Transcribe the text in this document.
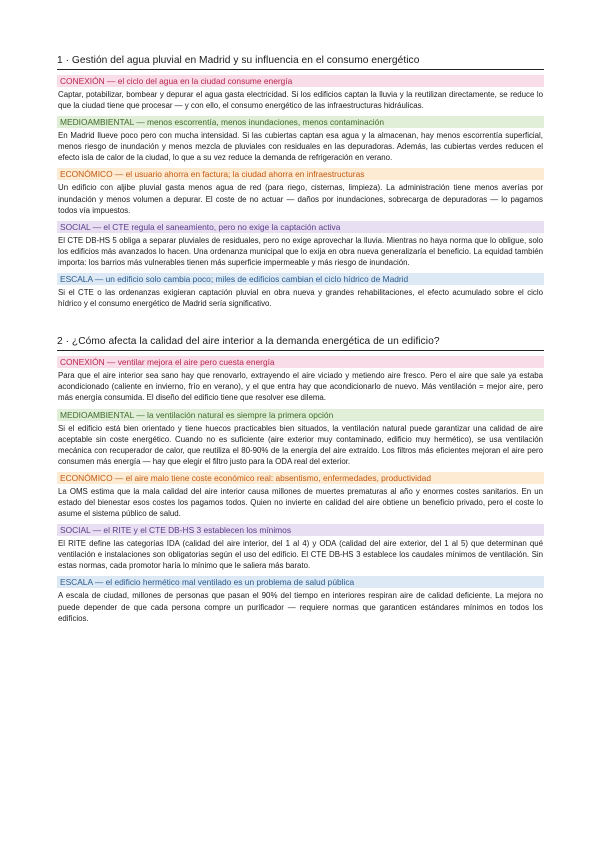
1 · Gestión del agua pluvial en Madrid y su influencia en el consumo energético
CONEXIÓN — el ciclo del agua en la ciudad consume energía
Captar, potabilizar, bombear y depurar el agua gasta electricidad. Si los edificios captan la lluvia y la reutilizan directamente, se reduce lo que la ciudad tiene que procesar — y con ello, el consumo energético de las infraestructuras hidráulicas.
MEDIOAMBIENTAL — menos escorrentía, menos inundaciones, menos contaminación
En Madrid llueve poco pero con mucha intensidad. Si las cubiertas captan esa agua y la almacenan, hay menos escorrentía superficial, menos riesgo de inundación y menos mezcla de pluviales con residuales en las depuradoras. Además, las cubiertas verdes reducen el efecto isla de calor de la ciudad, lo que a su vez reduce la demanda de refrigeración en verano.
ECONÓMICO — el usuario ahorra en factura; la ciudad ahorra en infraestructuras
Un edificio con aljibe pluvial gasta menos agua de red (para riego, cisternas, limpieza). La administración tiene menos averías por inundación y menos volumen a depurar. El coste de no actuar — daños por inundaciones, sobrecarga de depuradoras — lo pagamos todos vía impuestos.
SOCIAL — el CTE regula el saneamiento, pero no exige la captación activa
El CTE DB-HS 5 obliga a separar pluviales de residuales, pero no exige aprovechar la lluvia. Mientras no haya norma que lo obligue, solo los edificios más avanzados lo hacen. Una ordenanza municipal que lo exija en obra nueva generalizaría el beneficio. La equidad también importa: los barrios más vulnerables tienen más superficie impermeable y más riesgo de inundación.
ESCALA — un edificio solo cambia poco; miles de edificios cambian el ciclo hídrico de Madrid
Si el CTE o las ordenanzas exigieran captación pluvial en obra nueva y grandes rehabilitaciones, el efecto acumulado sobre el ciclo hídrico y el consumo energético de Madrid sería significativo.
2 · ¿Cómo afecta la calidad del aire interior a la demanda energética de un edificio?
CONEXIÓN — ventilar mejora el aire pero cuesta energía
Para que el aire interior sea sano hay que renovarlo, extrayendo el aire viciado y metiendo aire fresco. Pero el aire que sale ya estaba acondicionado (caliente en invierno, frío en verano), y el que entra hay que acondicionarlo de nuevo. Más ventilación = mejor aire, pero más energía consumida. El diseño del edificio tiene que resolver ese dilema.
MEDIOAMBIENTAL — la ventilación natural es siempre la primera opción
Si el edificio está bien orientado y tiene huecos practicables bien situados, la ventilación natural puede garantizar una calidad de aire aceptable sin coste energético. Cuando no es suficiente (aire exterior muy contaminado, edificio muy hermético), se usa ventilación mecánica con recuperador de calor, que reutiliza el 80-90% de la energía del aire extraído. Los filtros más eficientes mejoran el aire pero consumen más energía — hay que elegir el filtro justo para la ODA real del exterior.
ECONÓMICO — el aire malo tiene coste económico real: absentismo, enfermedades, productividad
La OMS estima que la mala calidad del aire interior causa millones de muertes prematuras al año y enormes costes sanitarios. En un estado del bienestar esos costes los pagamos todos. Quien no invierte en calidad del aire obtiene un beneficio privado, pero el coste lo asume el sistema público de salud.
SOCIAL — el RITE y el CTE DB-HS 3 establecen los mínimos
El RITE define las categorías IDA (calidad del aire interior, del 1 al 4) y ODA (calidad del aire exterior, del 1 al 5) que determinan qué ventilación e instalaciones son obligatorias según el uso del edificio. El CTE DB-HS 3 establece los caudales mínimos de ventilación. Sin estas normas, cada promotor haría lo mínimo que le saliera más barato.
ESCALA — el edificio hermético mal ventilado es un problema de salud pública
A escala de ciudad, millones de personas que pasan el 90% del tiempo en interiores respiran aire de calidad deficiente. La mejora no puede depender de que cada persona compre un purificador — requiere normas que garanticen estándares mínimos en todos los edificios.
